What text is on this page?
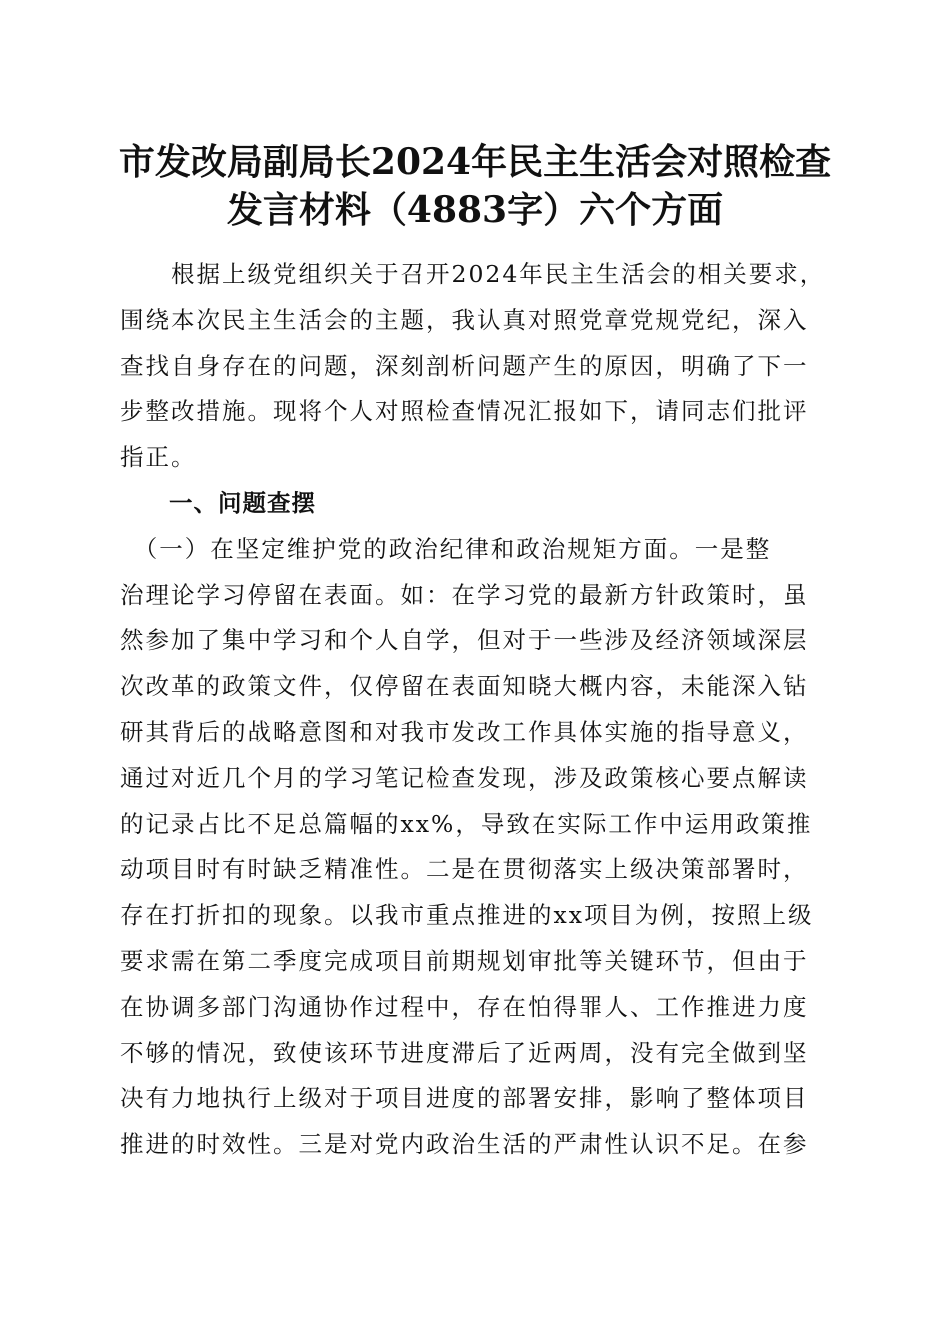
市发改局副局长2024年民主生活会对照检查
发言材料（4883字）六个方面
　　根据上级党组织关于召开2024年民主生活会的相关要求，
围绕本次民主生活会的主题，我认真对照党章党规党纪，深入
查找自身存在的问题，深刻剖析问题产生的原因，明确了下一
步整改措施。现将个人对照检查情况汇报如下，请同志们批评
指正。
　　一、问题查摆
　（一）在坚定维护党的政治纪律和政治规矩方面。一是整
治理论学习停留在表面。如：在学习党的最新方针政策时，虽
然参加了集中学习和个人自学，但对于一些涉及经济领域深层
次改革的政策文件，仅停留在表面知晓大概内容，未能深入钻
研其背后的战略意图和对我市发改工作具体实施的指导意义，
通过对近几个月的学习笔记检查发现，涉及政策核心要点解读
的记录占比不足总篇幅的xx%，导致在实际工作中运用政策推
动项目时有时缺乏精准性。二是在贯彻落实上级决策部署时，
存在打折扣的现象。以我市重点推进的xx项目为例，按照上级
要求需在第二季度完成项目前期规划审批等关键环节，但由于
在协调多部门沟通协作过程中，存在怕得罪人、工作推进力度
不够的情况，致使该环节进度滞后了近两周，没有完全做到坚
决有力地执行上级对于项目进度的部署安排，影响了整体项目
推进的时效性。三是对党内政治生活的严肃性认识不足。在参
